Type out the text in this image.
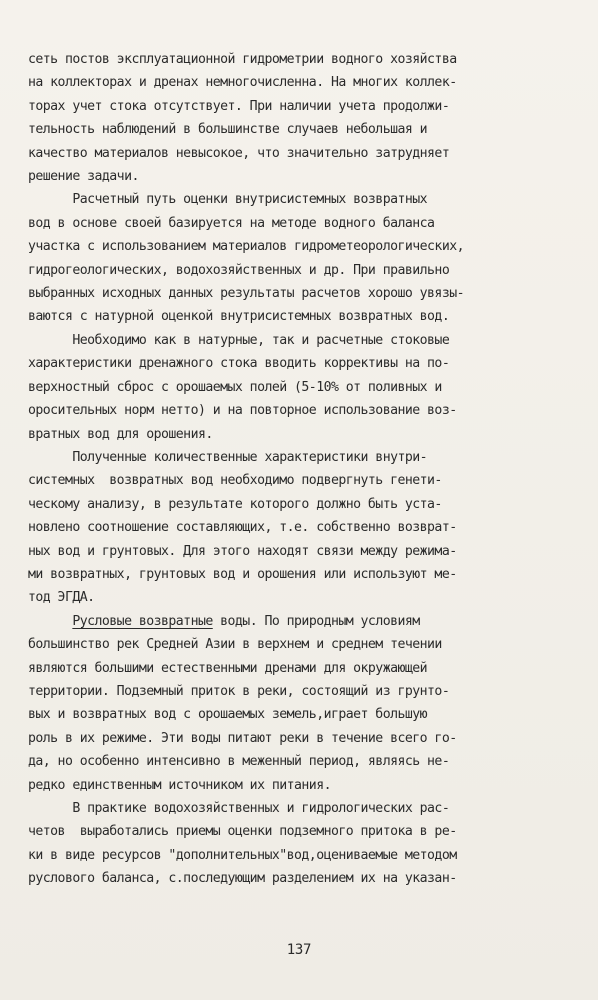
сеть постов эксплуатационной гидрометрии водного хозяйства
на коллекторах и дренах немногочисленна. На многих коллек-
торах учет стока отсутствует. При наличии учета продолжи-
тельность наблюдений в большинстве случаев небольшая и
качество материалов невысокое, что значительно затрудняет
решение задачи.
Расчетный путь оценки внутрисистемных возвратных
вод в основе своей базируется на методе водного баланса
участка с использованием материалов гидрометеорологических,
гидрогеологических, водохозяйственных и др. При правильно
выбранных исходных данных результаты расчетов хорошо увязы-
ваются с натурной оценкой внутрисистемных возвратных вод.
Необходимо как в натурные, так и расчетные стоковые
характеристики дренажного стока вводить коррективы на по-
верхностный сброс с орошаемых полей (5-10% от поливных и
оросительных норм нетто) и на повторное использование воз-
вратных вод для орошения.
Полученные количественные характеристики внутри-
системных  возвратных вод необходимо подвергнуть генети-
ческому анализу, в результате которого должно быть уста-
новлено соотношение составляющих, т.е. собственно возврат-
ных вод и грунтовых. Для этого находят связи между режима-
ми возвратных, грунтовых вод и орошения или используют ме-
тод ЭГДА.
Русловые возвратные воды. По природным условиям
большинство рек Средней Азии в верхнем и среднем течении
являются большими естественными дренами для окружающей
территории. Подземный приток в реки, состоящий из грунто-
вых и возвратных вод с орошаемых земель,играет большую
роль в их режиме. Эти воды питают реки в течение всего го-
да, но особенно интенсивно в меженный период, являясь не-
редко единственным источником их питания.
В практике водохозяйственных и гидрологических рас-
четов  выработались приемы оценки подземного притока в ре-
ки в виде ресурсов "дополнительных"вод,оцениваемые методом
руслового баланса, с.последующим разделением их на указан-
137
